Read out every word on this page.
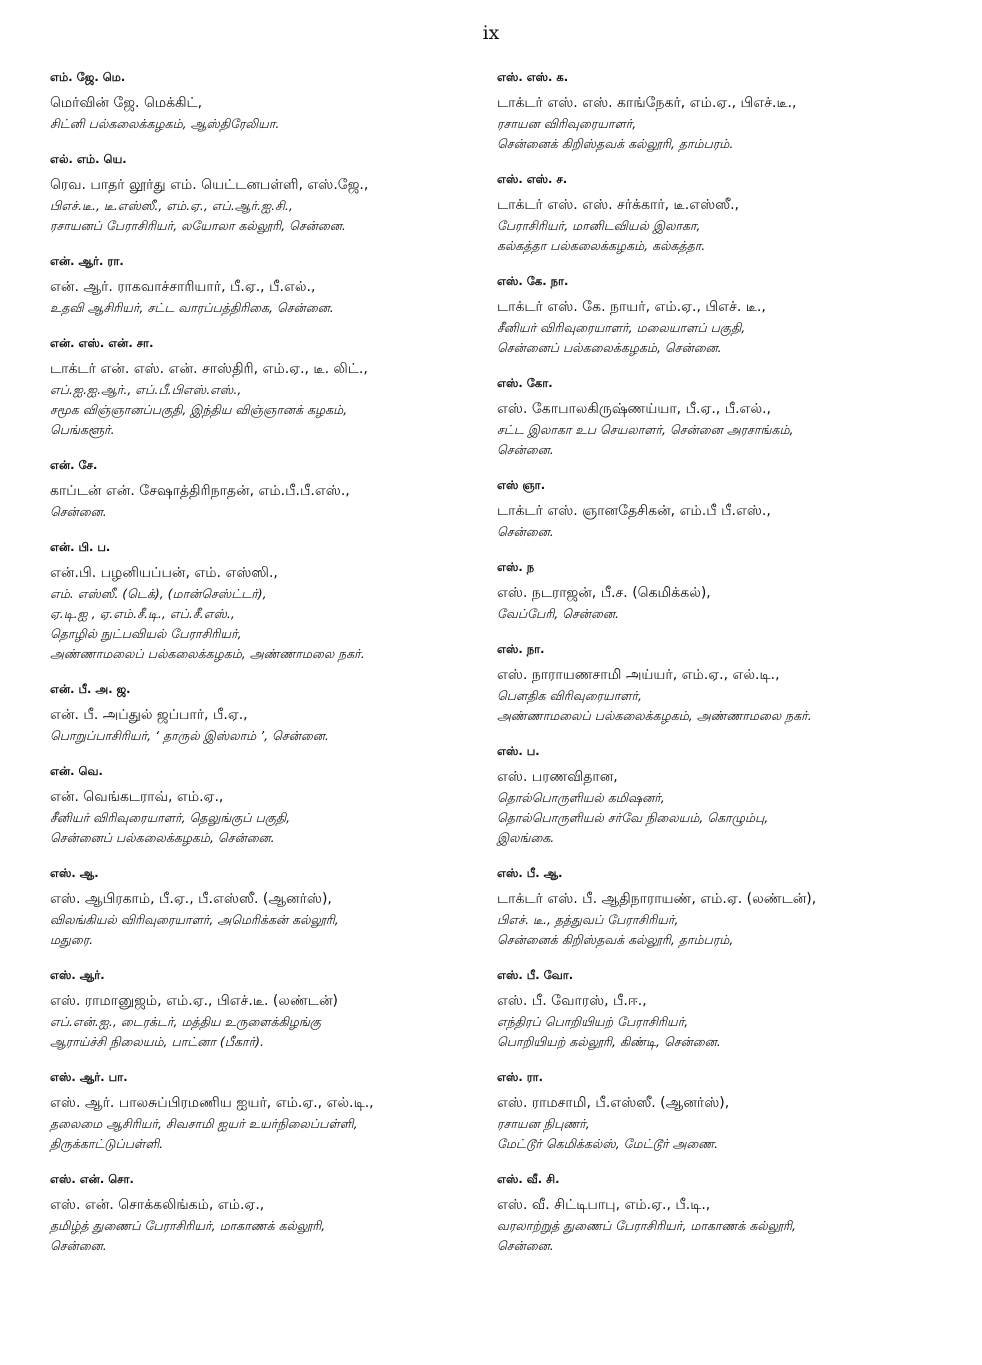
ix
எம். ஜே. மெ.
மெர்வின் ஜே. மெக்கிட்,
சிட்னி பல்கலைக்கழகம், ஆஸ்திரேலியா.
எல். எம். யெ.
ரெவ. பாதர் லூர்து எம். யெட்டனபள்ளி, எஸ்.ஜே.,
பிஎச்.டீ., டீ.எஸ்ஸீ., எம்.ஏ., எப்.ஆர்.ஐ.சி.,
ரசாயனப் பேராசிரியர், லயோலா கல்லூரி, சென்னை.
என். ஆர். ரா.
என். ஆர். ராகவாச்சாரியார், பீ.ஏ., பீ.எல்.,
உதவி ஆசிரியர், சட்ட வாரப்பத்திரிகை, சென்னை.
என். எஸ். என். சா.
டாக்டர் என். எஸ். என். சாஸ்திரி, எம்.ஏ., டீ. லிட்.,
எப்.ஐ.ஐ.ஆர்., எப்.பீ.பிஎஸ்.எஸ்.,
சமூக விஞ்ஞானப்பகுதி, இந்திய விஞ்ஞானக் கழகம்,
பெங்களூர்.
என். சே.
காப்டன் என். சேஷாத்திரிநாதன், எம்.பீ.பீ.எஸ்.,
சென்னை.
என். பி. ப.
என்.பி. பழனியப்பன், எம். எஸ்ஸி.,
எம். எஸ்ஸீ. (டெக்), (மான்செஸ்ட்டர்),
ஏ.டி.ஐ , ஏ.எம்.சீ.டி., எப்.சீ.எஸ்.,
தொழில் நுட்பவியல் பேராசிரியர்,
அண்ணாமலைப் பல்கலைக்கழகம், அண்ணாமலை நகர்.
என். பீ. அ. ஜ.
என். பீ. அப்துல் ஜப்பார், பீ.ஏ.,
பொறுப்பாசிரியர், ‘ தாருல் இஸ்லாம் ’, சென்னை.
என். வெ.
என். வெங்கடராவ், எம்.ஏ.,
சீனியர் விரிவுரையாளர், தெலுங்குப் பகுதி,
சென்னைப் பல்கலைக்கழகம், சென்னை.
எஸ். ஆ.
எஸ். ஆபிரகாம், பீ.ஏ., பீ.எஸ்ஸீ. (ஆனர்ஸ்),
விலங்கியல் விரிவுரையாளர், அமெரிக்கன் கல்லூரி,
மதுரை.
எஸ். ஆர்.
எஸ். ராமானுஜம், எம்.ஏ., பிஎச்.டீ. (லண்டன்)
எப்.என்.ஐ., டைரக்டர், மத்திய உருளைக்கிழங்கு
ஆராய்ச்சி நிலையம், பாட்னா (பீகார்).
எஸ். ஆர். பா.
எஸ். ஆர். பாலசுப்பிரமணிய ஐயர், எம்.ஏ., எல்.டி.,
தலைமை ஆசிரியர், சிவசாமி ஐயர் உயர்நிலைப்பள்ளி,
திருக்காட்டுப்பள்ளி.
எஸ். என். சொ.
எஸ். என். சொக்கலிங்கம், எம்.ஏ.,
தமிழ்த் துணைப் பேராசிரியர், மாகாணக் கல்லூரி,
சென்னை.
எஸ். எஸ். க.
டாக்டர் எஸ். எஸ். காங்நேகர், எம்.ஏ., பிஎச்.டீ.,
ரசாயன விரிவுரையாளர்,
சென்னைக் கிறிஸ்தவக் கல்லூரி, தாம்பரம்.
எஸ். எஸ். ச.
டாக்டர் எஸ். எஸ். சர்க்கார், டீ.எஸ்ஸீ.,
பேராசிரியர், மானிடவியல் இலாகா,
கல்கத்தா பல்கலைக்கழகம், கல்கத்தா.
எஸ். கே. நா.
டாக்டர் எஸ். கே. நாயர், எம்.ஏ., பிஎச். டீ.,
சீனியர் விரிவுரையாளர், மலையாளப் பகுதி,
சென்னைப் பல்கலைக்கழகம், சென்னை.
எஸ். கோ.
எஸ். கோபாலகிருஷ்ணய்யா, பீ.ஏ., பீ.எல்.,
சட்ட இலாகா உப செயலாளர், சென்னை அரசாங்கம்,
சென்னை.
எஸ் ஞா.
டாக்டர் எஸ். ஞானதேசிகன், எம்.பீ பீ.எஸ்.,
சென்னை.
எஸ். ந
எஸ். நடராஜன், பீ.ச. (கெமிக்கல்),
வேப்பேரி, சென்னை.
எஸ். நா.
எஸ். நாராயணசாமி அய்யர், எம்.ஏ., எல்.டி.,
பௌதிக விரிவுரையாளர்,
அண்ணாமலைப் பல்கலைக்கழகம், அண்ணாமலை நகர்.
எஸ். ப.
எஸ். பரணவிதான,
தொல்பொருளியல் கமிஷனர்,
தொல்பொருளியல் சர்வே நிலையம், கொழும்பு,
இலங்கை.
எஸ். பீ. ஆ.
டாக்டர் எஸ். பீ. ஆதிநாராயண், எம்.ஏ. (லண்டன்),
பிஎச். டீ., தத்துவப் பேராசிரியர்,
சென்னைக் கிறிஸ்தவக் கல்லூரி, தாம்பரம்,
எஸ். பீ. வோ.
எஸ். பீ. வோரஸ், பீ.ஈ.,
எந்திரப் பொறியியற் பேராசிரியர்,
பொறியியற் கல்லூரி, கிண்டி, சென்னை.
எஸ். ரா.
எஸ். ராமசாமி, பீ.எஸ்ஸீ. (ஆனர்ஸ்),
ரசாயன நிபுணர்,
மேட்டூர் கெமிக்கல்ஸ், மேட்டூர் அணை.
எஸ். வீ. சி.
எஸ். வீ. சிட்டிபாபு, எம்.ஏ., பீ.டி.,
வரலாற்றுத் துணைப் பேராசிரியர், மாகாணக் கல்லூரி,
சென்னை.
